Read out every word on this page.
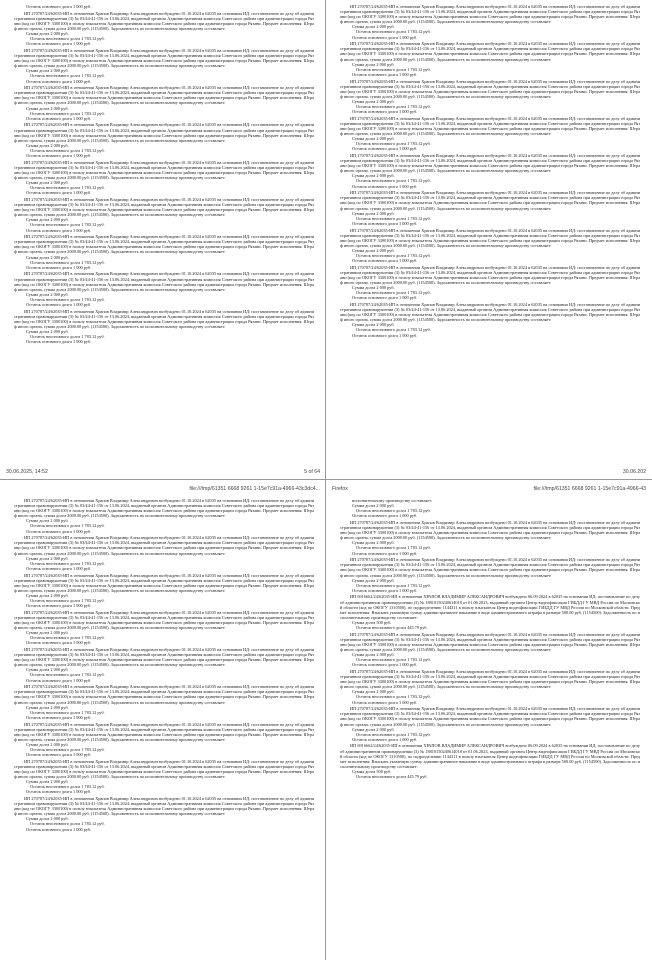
Остаток основного долга 1 000 руб.
ИП 270787/24/62035-ИП в отношении Храпов Владимир Александрович возбуждено 01.10.2024 в 62035 на основании ИД: постановление по делу об административном правонарушении (3) № 03/44-41-156 от 13.06.2024, выданный органом Административная комиссия Советского района при администрации города Рязани (код по ОКОГУ 3300100) в пользу взыскателя Административная комиссия Советского района при администрации города Рязани. Предмет исполнения: Штраф иного органа, сумма долга 2000.00 руб. (1154500). Задолженность по исполнительному производству составляет:
Сумма долга 2 000 руб.
Остаток неосновного долга 1 783.12 руб.
Остаток основного долга 1 000 руб.
ИП 270787/24/62035-ИП в отношении Храпов Владимир Александрович возбуждено 01.10.2024 в 62035 на основании ИД: постановление по делу об административном правонарушении (3) № 03/44-41-156 от 13.06.2024, выданный органом Административная комиссия Советского района при администрации города Рязани (код по ОКОГУ 3300100) в пользу взыскателя Административная комиссия Советского района при администрации города Рязани. Предмет исполнения: Штраф иного органа, сумма долга 2000.00 руб. (1154500). Задолженность по исполнительному производству составляет:
Сумма долга 2 000 руб.
Остаток неосновного долга 1 783.12 руб.
Остаток основного долга 1 000 руб.
ИП 270787/24/62035-ИП в отношении Храпов Владимир Александрович возбуждено 01.10.2024 в 62035 на основании ИД: постановление по делу об административном правонарушении (3) № 03/44-41-156 от 13.06.2024, выданный органом Административная комиссия Советского района при администрации города Рязани (код по ОКОГУ 3300100) в пользу взыскателя Административная комиссия Советского района при администрации города Рязани. Предмет исполнения: Штраф иного органа, сумма долга 2000.00 руб. (1154500). Задолженность по исполнительному производству составляет:
Сумма долга 2 000 руб.
Остаток неосновного долга 1 783.12 руб.
Остаток основного долга 1 000 руб.
ИП 270787/24/62035-ИП в отношении Храпов Владимир Александрович возбуждено 01.10.2024 в 62035 на основании ИД: постановление по делу об административном правонарушении (3) № 03/44-41-156 от 13.06.2024, выданный органом Административная комиссия Советского района при администрации города Рязани (код по ОКОГУ 3300100) в пользу взыскателя Административная комиссия Советского района при администрации города Рязани. Предмет исполнения: Штраф иного органа, сумма долга 2000.00 руб. (1154500). Задолженность по исполнительному производству составляет:
Сумма долга 2 000 руб.
Остаток неосновного долга 1 783.12 руб.
Остаток основного долга 1 000 руб.
ИП 270787/24/62035-ИП в отношении Храпов Владимир Александрович возбуждено 01.10.2024 в 62035 на основании ИД: постановление по делу об административном правонарушении (3) № 03/44-41-156 от 13.06.2024, выданный органом Административная комиссия Советского района при администрации города Рязани (код по ОКОГУ 3300100) в пользу взыскателя Административная комиссия Советского района при администрации города Рязани. Предмет исполнения: Штраф иного органа, сумма долга 2000.00 руб. (1154500). Задолженность по исполнительному производству составляет:
Сумма долга 2 000 руб.
Остаток неосновного долга 1 783.12 руб.
Остаток основного долга 1 000 руб.
ИП 270787/24/62035-ИП в отношении Храпов Владимир Александрович возбуждено 01.10.2024 в 62035 на основании ИД: постановление по делу об административном правонарушении (3) № 03/44-41-156 от 13.06.2024, выданный органом Административная комиссия Советского района при администрации города Рязани (код по ОКОГУ 3300100) в пользу взыскателя Административная комиссия Советского района при администрации города Рязани. Предмет исполнения: Штраф иного органа, сумма долга 2000.00 руб. (1154500). Задолженность по исполнительному производству составляет:
Сумма долга 2 000 руб.
Остаток неосновного долга 1 783.12 руб.
Остаток основного долга 1 000 руб.
ИП 270787/24/62035-ИП в отношении Храпов Владимир Александрович возбуждено 01.10.2024 в 62035 на основании ИД: постановление по делу об административном правонарушении (3) № 03/44-41-156 от 13.06.2024, выданный органом Административная комиссия Советского района при администрации города Рязани (код по ОКОГУ 3300100) в пользу взыскателя Административная комиссия Советского района при администрации города Рязани. Предмет исполнения: Штраф иного органа, сумма долга 2000.00 руб. (1154500). Задолженность по исполнительному производству составляет:
Сумма долга 2 000 руб.
Остаток неосновного долга 1 783.12 руб.
Остаток основного долга 1 000 руб.
ИП 270787/24/62035-ИП в отношении Храпов Владимир Александрович возбуждено 01.10.2024 в 62035 на основании ИД: постановление по делу об административном правонарушении (3) № 03/44-41-156 от 13.06.2024, выданный органом Административная комиссия Советского района при администрации города Рязани (код по ОКОГУ 3300100) в пользу взыскателя Административная комиссия Советского района при администрации города Рязани. Предмет исполнения: Штраф иного органа, сумма долга 2000.00 руб. (1154500). Задолженность по исполнительному производству составляет:
Сумма долга 2 000 руб.
Остаток неосновного долга 1 783.12 руб.
Остаток основного долга 1 000 руб.
ИП 270787/24/62035-ИП в отношении Храпов Владимир Александрович возбуждено 01.10.2024 в 62035 на основании ИД: постановление по делу об административном правонарушении (3) № 03/44-41-156 от 13.06.2024, выданный органом Административная комиссия Советского района при администрации города Рязани (код по ОКОГУ 3300100) в пользу взыскателя Административная комиссия Советского района при администрации города Рязани. Предмет исполнения: Штраф иного органа, сумма долга 2000.00 руб. (1154500). Задолженность по исполнительному производству составляет:
Сумма долга 2 000 руб.
Остаток неосновного долга 1 783.12 руб.
Остаток основного долга 1 000 руб.
30.06.2025, 14:52	5 of 64
ИП 270787/24/62035-ИП в отношении Храпов Владимир Александрович возбуждено 01.10.2024 в 62035 на основании ИД: постановление по делу об административном правонарушении (3) № 03/44-41-156 от 13.06.2024, выданный органом Административная комиссия Советского района при администрации города Рязани (код по ОКОГУ 3300100) в пользу взыскателя Административная комиссия Советского района при администрации города Рязани. Предмет исполнения: Штраф иного органа, сумма долга 2000.00 руб. (1154500). Задолженность по исполнительному производству составляет:
Сумма долга 2 000 руб.
Остаток неосновного долга 1 783.12 руб.
Остаток основного долга 1 000 руб.
ИП 270787/24/62035-ИП в отношении Храпов Владимир Александрович возбуждено 01.10.2024 в 62035 на основании ИД: постановление по делу об административном правонарушении (3) № 03/44-41-156 от 13.06.2024, выданный органом Административная комиссия Советского района при администрации города Рязани (код по ОКОГУ 3300100) в пользу взыскателя Административная комиссия Советского района при администрации города Рязани. Предмет исполнения: Штраф иного органа, сумма долга 2000.00 руб. (1154500). Задолженность по исполнительному производству составляет:
Сумма долга 2 000 руб.
Остаток неосновного долга 1 783.12 руб.
Остаток основного долга 1 000 руб.
ИП 270787/24/62035-ИП в отношении Храпов Владимир Александрович возбуждено 01.10.2024 в 62035 на основании ИД: постановление по делу об административном правонарушении (3) № 03/44-41-156 от 13.06.2024, выданный органом Административная комиссия Советского района при администрации города Рязани (код по ОКОГУ 3300100) в пользу взыскателя Административная комиссия Советского района при администрации города Рязани. Предмет исполнения: Штраф иного органа, сумма долга 2000.00 руб. (1154500). Задолженность по исполнительному производству составляет:
Сумма долга 2 000 руб.
Остаток неосновного долга 1 783.12 руб.
Остаток основного долга 1 000 руб.
ИП 270787/24/62035-ИП в отношении Храпов Владимир Александрович возбуждено 01.10.2024 в 62035 на основании ИД: постановление по делу об административном правонарушении (3) № 03/44-41-156 от 13.06.2024, выданный органом Административная комиссия Советского района при администрации города Рязани (код по ОКОГУ 3300100) в пользу взыскателя Административная комиссия Советского района при администрации города Рязани. Предмет исполнения: Штраф иного органа, сумма долга 2000.00 руб. (1154500). Задолженность по исполнительному производству составляет:
Сумма долга 2 000 руб.
Остаток неосновного долга 1 783.12 руб.
Остаток основного долга 1 000 руб.
ИП 270787/24/62035-ИП в отношении Храпов Владимир Александрович возбуждено 01.10.2024 в 62035 на основании ИД: постановление по делу об административном правонарушении (3) № 03/44-41-156 от 13.06.2024, выданный органом Административная комиссия Советского района при администрации города Рязани (код по ОКОГУ 3300100) в пользу взыскателя Административная комиссия Советского района при администрации города Рязани. Предмет исполнения: Штраф иного органа, сумма долга 2000.00 руб. (1154500). Задолженность по исполнительному производству составляет:
Сумма долга 2 000 руб.
Остаток неосновного долга 1 783.12 руб.
Остаток основного долга 1 000 руб.
ИП 270787/24/62035-ИП в отношении Храпов Владимир Александрович возбуждено 01.10.2024 в 62035 на основании ИД: постановление по делу об административном правонарушении (3) № 03/44-41-156 от 13.06.2024, выданный органом Административная комиссия Советского района при администрации города Рязани (код по ОКОГУ 3300100) в пользу взыскателя Административная комиссия Советского района при администрации города Рязани. Предмет исполнения: Штраф иного органа, сумма долга 2000.00 руб. (1154500). Задолженность по исполнительному производству составляет:
Сумма долга 2 000 руб.
Остаток неосновного долга 1 783.12 руб.
Остаток основного долга 1 000 руб.
ИП 270787/24/62035-ИП в отношении Храпов Владимир Александрович возбуждено 01.10.2024 в 62035 на основании ИД: постановление по делу об административном правонарушении (3) № 03/44-41-156 от 13.06.2024, выданный органом Административная комиссия Советского района при администрации города Рязани (код по ОКОГУ 3300100) в пользу взыскателя Административная комиссия Советского района при администрации города Рязани. Предмет исполнения: Штраф иного органа, сумма долга 2000.00 руб. (1154500). Задолженность по исполнительному производству составляет:
Сумма долга 2 000 руб.
Остаток неосновного долга 1 783.12 руб.
Остаток основного долга 1 000 руб.
ИП 270787/24/62035-ИП в отношении Храпов Владимир Александрович возбуждено 01.10.2024 в 62035 на основании ИД: постановление по делу об административном правонарушении (3) № 03/44-41-156 от 13.06.2024, выданный органом Административная комиссия Советского района при администрации города Рязани (код по ОКОГУ 3300100) в пользу взыскателя Административная комиссия Советского района при администрации города Рязани. Предмет исполнения: Штраф иного органа, сумма долга 2000.00 руб. (1154500). Задолженность по исполнительному производству составляет:
Сумма долга 2 000 руб.
Остаток неосновного долга 1 783.12 руб.
Остаток основного долга 1 000 руб.
ИП 270787/24/62035-ИП в отношении Храпов Владимир Александрович возбуждено 01.10.2024 в 62035 на основании ИД: постановление по делу об административном правонарушении (3) № 03/44-41-156 от 13.06.2024, выданный органом Административная комиссия Советского района при администрации города Рязани (код по ОКОГУ 3300100) в пользу взыскателя Административная комиссия Советского района при администрации города Рязани. Предмет исполнения: Штраф иного органа, сумма долга 2000.00 руб. (1154500). Задолженность по исполнительному производству составляет:
Сумма долга 2 000 руб.
Остаток неосновного долга 1 783.12 руб.
Остаток основного долга 1 000 руб.
30.06.202
file:///tmp/61351 6668 9261 1-15e7c91a-4966-43c3dc4...
ИП 270787/24/62035-ИП в отношении Храпов Владимир Александрович возбуждено 01.10.2024 в 62035 на основании ИД: постановление по делу об административном правонарушении (3) № 03/44-41-156 от 13.06.2024, выданный органом Административная комиссия Советского района при администрации города Рязани (код по ОКОГУ 3300100) в пользу взыскателя Административная комиссия Советского района при администрации города Рязани. Предмет исполнения: Штраф иного органа, сумма долга 2000.00 руб. (1154500). Задолженность по исполнительному производству составляет:
Сумма долга 2 000 руб.
Остаток неосновного долга 1 783.12 руб.
Остаток основного долга 1 000 руб.
ИП 270787/24/62035-ИП в отношении Храпов Владимир Александрович возбуждено 01.10.2024 в 62035 на основании ИД: постановление по делу об административном правонарушении (3) № 03/44-41-156 от 13.06.2024, выданный органом Административная комиссия Советского района при администрации города Рязани (код по ОКОГУ 3300100) в пользу взыскателя Административная комиссия Советского района при администрации города Рязани. Предмет исполнения: Штраф иного органа, сумма долга 2000.00 руб. (1154500). Задолженность по исполнительному производству составляет:
Сумма долга 2 000 руб.
Остаток неосновного долга 1 783.12 руб.
Остаток основного долга 1 000 руб.
ИП 270787/24/62035-ИП в отношении Храпов Владимир Александрович возбуждено 01.10.2024 в 62035 на основании ИД: постановление по делу об административном правонарушении (3) № 03/44-41-156 от 13.06.2024, выданный органом Административная комиссия Советского района при администрации города Рязани (код по ОКОГУ 3300100) в пользу взыскателя Административная комиссия Советского района при администрации города Рязани. Предмет исполнения: Штраф иного органа, сумма долга 2000.00 руб. (1154500). Задолженность по исполнительному производству составляет:
Сумма долга 2 000 руб.
Остаток неосновного долга 1 783.12 руб.
Остаток основного долга 1 000 руб.
ИП 270787/24/62035-ИП в отношении Храпов Владимир Александрович возбуждено 01.10.2024 в 62035 на основании ИД: постановление по делу об административном правонарушении (3) № 03/44-41-156 от 13.06.2024, выданный органом Административная комиссия Советского района при администрации города Рязани (код по ОКОГУ 3300100) в пользу взыскателя Административная комиссия Советского района при администрации города Рязани. Предмет исполнения: Штраф иного органа, сумма долга 2000.00 руб. (1154500). Задолженность по исполнительному производству составляет:
Сумма долга 2 000 руб.
Остаток неосновного долга 1 783.12 руб.
Остаток основного долга 1 000 руб.
ИП 270787/24/62035-ИП в отношении Храпов Владимир Александрович возбуждено 01.10.2024 в 62035 на основании ИД: постановление по делу об административном правонарушении (3) № 03/44-41-156 от 13.06.2024, выданный органом Административная комиссия Советского района при администрации города Рязани (код по ОКОГУ 3300100) в пользу взыскателя Административная комиссия Советского района при администрации города Рязани. Предмет исполнения: Штраф иного органа, сумма долга 2000.00 руб. (1154500). Задолженность по исполнительному производству составляет:
Сумма долга 2 000 руб.
Остаток неосновного долга 1 783.12 руб.
Остаток основного долга 1 000 руб.
ИП 270787/24/62035-ИП в отношении Храпов Владимир Александрович возбуждено 01.10.2024 в 62035 на основании ИД: постановление по делу об административном правонарушении (3) № 03/44-41-156 от 13.06.2024, выданный органом Административная комиссия Советского района при администрации города Рязани (код по ОКОГУ 3300100) в пользу взыскателя Административная комиссия Советского района при администрации города Рязани. Предмет исполнения: Штраф иного органа, сумма долга 2000.00 руб. (1154500). Задолженность по исполнительному производству составляет:
Сумма долга 2 000 руб.
Остаток неосновного долга 1 783.12 руб.
Остаток основного долга 1 000 руб.
ИП 270787/24/62035-ИП в отношении Храпов Владимир Александрович возбуждено 01.10.2024 в 62035 на основании ИД: постановление по делу об административном правонарушении (3) № 03/44-41-156 от 13.06.2024, выданный органом Административная комиссия Советского района при администрации города Рязани (код по ОКОГУ 3300100) в пользу взыскателя Административная комиссия Советского района при администрации города Рязани. Предмет исполнения: Штраф иного органа, сумма долга 2000.00 руб. (1154500). Задолженность по исполнительному производству составляет:
Сумма долга 2 000 руб.
Остаток неосновного долга 1 783.12 руб.
Остаток основного долга 1 000 руб.
ИП 270787/24/62035-ИП в отношении Храпов Владимир Александрович возбуждено 01.10.2024 в 62035 на основании ИД: постановление по делу об административном правонарушении (3) № 03/44-41-156 от 13.06.2024, выданный органом Административная комиссия Советского района при администрации города Рязани (код по ОКОГУ 3300100) в пользу взыскателя Административная комиссия Советского района при администрации города Рязани. Предмет исполнения: Штраф иного органа, сумма долга 2000.00 руб. (1154500). Задолженность по исполнительному производству составляет:
Сумма долга 2 000 руб.
Остаток неосновного долга 1 783.12 руб.
Остаток основного долга 1 000 руб.
ИП 270787/24/62035-ИП в отношении Храпов Владимир Александрович возбуждено 01.10.2024 в 62035 на основании ИД: постановление по делу об административном правонарушении (3) № 03/44-41-156 от 13.06.2024, выданный органом Административная комиссия Советского района при администрации города Рязани (код по ОКОГУ 3300100) в пользу взыскателя Административная комиссия Советского района при администрации города Рязани. Предмет исполнения: Штраф иного органа, сумма долга 2000.00 руб. (1154500). Задолженность по исполнительному производству составляет:
Сумма долга 2 000 руб.
Остаток неосновного долга 1 783.12 руб.
Остаток основного долга 1 000 руб.
Firefox	file:///tmp/61351 6668 9261 1-15e7c91a-4966-43
исполнительному производству составляет:
Сумма долга 2 000 руб.
Остаток неосновного долга 1 783.12 руб.
Остаток основного долга 1 000 руб.
ИП 270787/24/62035-ИП в отношении Храпов Владимир Александрович возбуждено 01.10.2024 в 62035 на основании ИД: постановление по делу об административном правонарушении (3) № 03/44-41-156 от 13.06.2024, выданный органом Административная комиссия Советского района при администрации города Рязани (код по ОКОГУ 3300100) в пользу взыскателя Административная комиссия Советского района при администрации города Рязани. Предмет исполнения: Штраф иного органа, сумма долга 2000.00 руб. (1154500). Задолженность по исполнительному производству составляет:
Сумма долга 2 000 руб.
Остаток неосновного долга 1 783.12 руб.
Остаток основного долга 1 000 руб.
ИП 270787/24/62035-ИП в отношении Храпов Владимир Александрович возбуждено 01.10.2024 в 62035 на основании ИД: постановление по делу об административном правонарушении (3) № 03/44-41-156 от 13.06.2024, выданный органом Административная комиссия Советского района при администрации города Рязани (код по ОКОГУ 3300100) в пользу взыскателя Административная комиссия Советского района при администрации города Рязани. Предмет исполнения: Штраф иного органа, сумма долга 2000.00 руб. (1154500). Задолженность по исполнительному производству составляет:
Сумма долга 2 000 руб.
Остаток неосновного долга 1 783.12 руб.
Остаток основного долга 1 000 руб.
ИП 6916662/24/62035-ИП в отношении ХРАПОВ ВЛАДИМИР АЛЕКСАНДРОВИЧ возбуждено 06.09.2024 в 62035 на основании ИД: постановление по делу об административном правонарушении (3) № 18810150240614018 от 01.06.2023, выданный органом Центр видеофиксации ГИБДД ГУ МВД России по Московской области (код по ОКОГУ 1310500), по подразделению 1144311 в пользу взыскателя Центр видеофиксации ГИБДД ГУ МВД России по Московской области. Предмет исполнения: Взыскать указанную сумму, административное наказание в виде административного штрафа в размере 500.00 руб. (1154500). Задолженность по исполнительному производству составляет:
Сумма долга 500 руб.
Остаток неосновного долга 445.79 руб.
ИП 270787/24/62035-ИП в отношении Храпов Владимир Александрович возбуждено 01.10.2024 в 62035 на основании ИД: постановление по делу об административном правонарушении (3) № 03/44-41-156 от 13.06.2024, выданный органом Административная комиссия Советского района при администрации города Рязани (код по ОКОГУ 3300100) в пользу взыскателя Административная комиссия Советского района при администрации города Рязани. Предмет исполнения: Штраф иного органа, сумма долга 2000.00 руб. (1154500). Задолженность по исполнительному производству составляет:
Сумма долга 2 000 руб.
Остаток неосновного долга 1 783.12 руб.
Остаток основного долга 1 000 руб.
ИП 270787/24/62035-ИП в отношении Храпов Владимир Александрович возбуждено 01.10.2024 в 62035 на основании ИД: постановление по делу об административном правонарушении (3) № 03/44-41-156 от 13.06.2024, выданный органом Административная комиссия Советского района при администрации города Рязани (код по ОКОГУ 3300100) в пользу взыскателя Административная комиссия Советского района при администрации города Рязани. Предмет исполнения: Штраф иного органа, сумма долга 2000.00 руб. (1154500). Задолженность по исполнительному производству составляет:
Сумма долга 2 000 руб.
Остаток неосновного долга 1 783.12 руб.
Остаток основного долга 1 000 руб.
ИП 270787/24/62035-ИП в отношении Храпов Владимир Александрович возбуждено 01.10.2024 в 62035 на основании ИД: постановление по делу об административном правонарушении (3) № 03/44-41-156 от 13.06.2024, выданный органом Административная комиссия Советского района при администрации города Рязани (код по ОКОГУ 3300100) в пользу взыскателя Административная комиссия Советского района при администрации города Рязани. Предмет исполнения: Штраф иного органа, сумма долга 2000.00 руб. (1154500). Задолженность по исполнительному производству составляет:
Сумма долга 2 000 руб.
Остаток неосновного долга 1 783.12 руб.
Остаток основного долга 1 000 руб.
ИП 6916662/24/62035-ИП в отношении ХРАПОВ ВЛАДИМИР АЛЕКСАНДРОВИЧ возбуждено 06.09.2024 в 62035 на основании ИД: постановление по делу об административном правонарушении (3) № 18810150240614018 от 01.06.2023, выданный органом Центр видеофиксации ГИБДД ГУ МВД России по Московской области (код по ОКОГУ 1310500), по подразделению 1144311 в пользу взыскателя Центр видеофиксации ГИБДД ГУ МВД России по Московской области. Предмет исполнения: Взыскать указанную сумму, административное наказание в виде административного штрафа в размере 500.00 руб. (1154500). Задолженность по исполнительному производству составляет:
Сумма долга 500 руб.
Остаток неосновного долга 445.79 руб.
